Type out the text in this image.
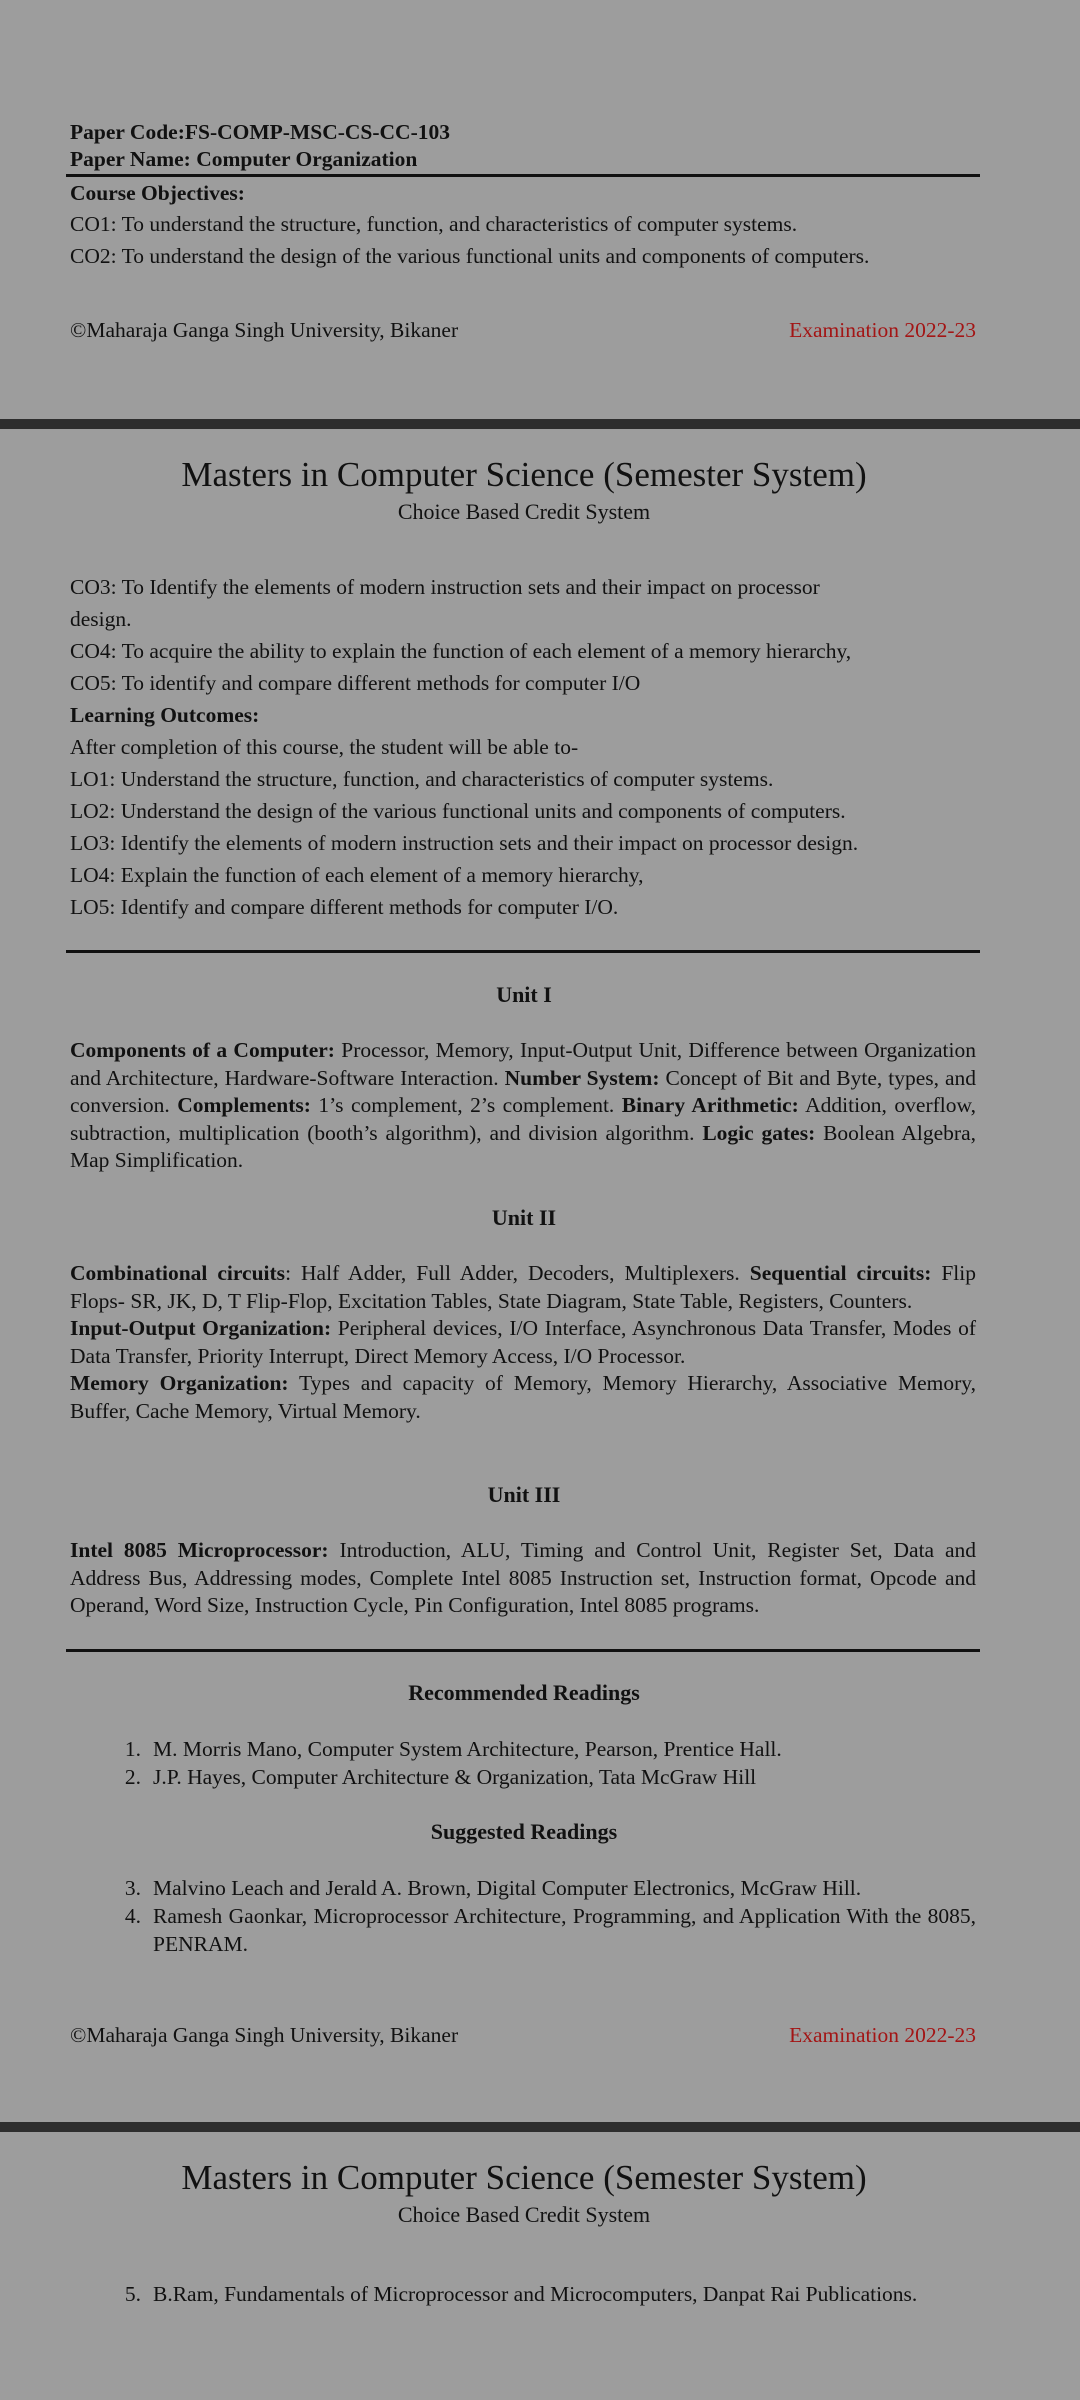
Paper Code:FS-COMP-MSC-CS-CC-103
Paper Name: Computer Organization
Course Objectives:
CO1: To understand the structure, function, and characteristics of computer systems.
CO2: To understand the design of the various functional units and components of computers.
©Maharaja Ganga Singh University, Bikaner	Examination 2022-23
Masters in Computer Science (Semester System)
Choice Based Credit System
CO3: To Identify the elements of modern instruction sets and their impact on processor
design.
CO4: To acquire the ability to explain the function of each element of a memory hierarchy,
CO5: To identify and compare different methods for computer I/O
Learning Outcomes:
After completion of this course, the student will be able to-
LO1: Understand the structure, function, and characteristics of computer systems.
LO2: Understand the design of the various functional units and components of computers.
LO3: Identify the elements of modern instruction sets and their impact on processor design.
LO4: Explain the function of each element of a memory hierarchy,
LO5: Identify and compare different methods for computer I/O.
Unit I
Components of a Computer: Processor, Memory, Input-Output Unit, Difference between Organization and Architecture, Hardware-Software Interaction. Number System: Concept of Bit and Byte, types, and conversion. Complements: 1’s complement, 2’s complement. Binary Arithmetic: Addition, overflow, subtraction, multiplication (booth’s algorithm), and division algorithm. Logic gates: Boolean Algebra, Map Simplification.
Unit II
Combinational circuits: Half Adder, Full Adder, Decoders, Multiplexers. Sequential circuits: Flip Flops- SR, JK, D, T Flip-Flop, Excitation Tables, State Diagram, State Table, Registers, Counters.
Input-Output Organization: Peripheral devices, I/O Interface, Asynchronous Data Transfer, Modes of Data Transfer, Priority Interrupt, Direct Memory Access, I/O Processor.
Memory Organization: Types and capacity of Memory, Memory Hierarchy, Associative Memory, Buffer, Cache Memory, Virtual Memory.
Unit III
Intel 8085 Microprocessor: Introduction, ALU, Timing and Control Unit, Register Set, Data and Address Bus, Addressing modes, Complete Intel 8085 Instruction set, Instruction format, Opcode and Operand, Word Size, Instruction Cycle, Pin Configuration, Intel 8085 programs.
Recommended Readings
1. M. Morris Mano, Computer System Architecture, Pearson, Prentice Hall.
2. J.P. Hayes, Computer Architecture & Organization, Tata McGraw Hill
Suggested Readings
3. Malvino Leach and Jerald A. Brown, Digital Computer Electronics, McGraw Hill.
4. Ramesh Gaonkar, Microprocessor Architecture, Programming, and Application With the 8085, PENRAM.
©Maharaja Ganga Singh University, Bikaner	Examination 2022-23
Masters in Computer Science (Semester System)
Choice Based Credit System
5. B.Ram, Fundamentals of Microprocessor and Microcomputers, Danpat Rai Publications.
